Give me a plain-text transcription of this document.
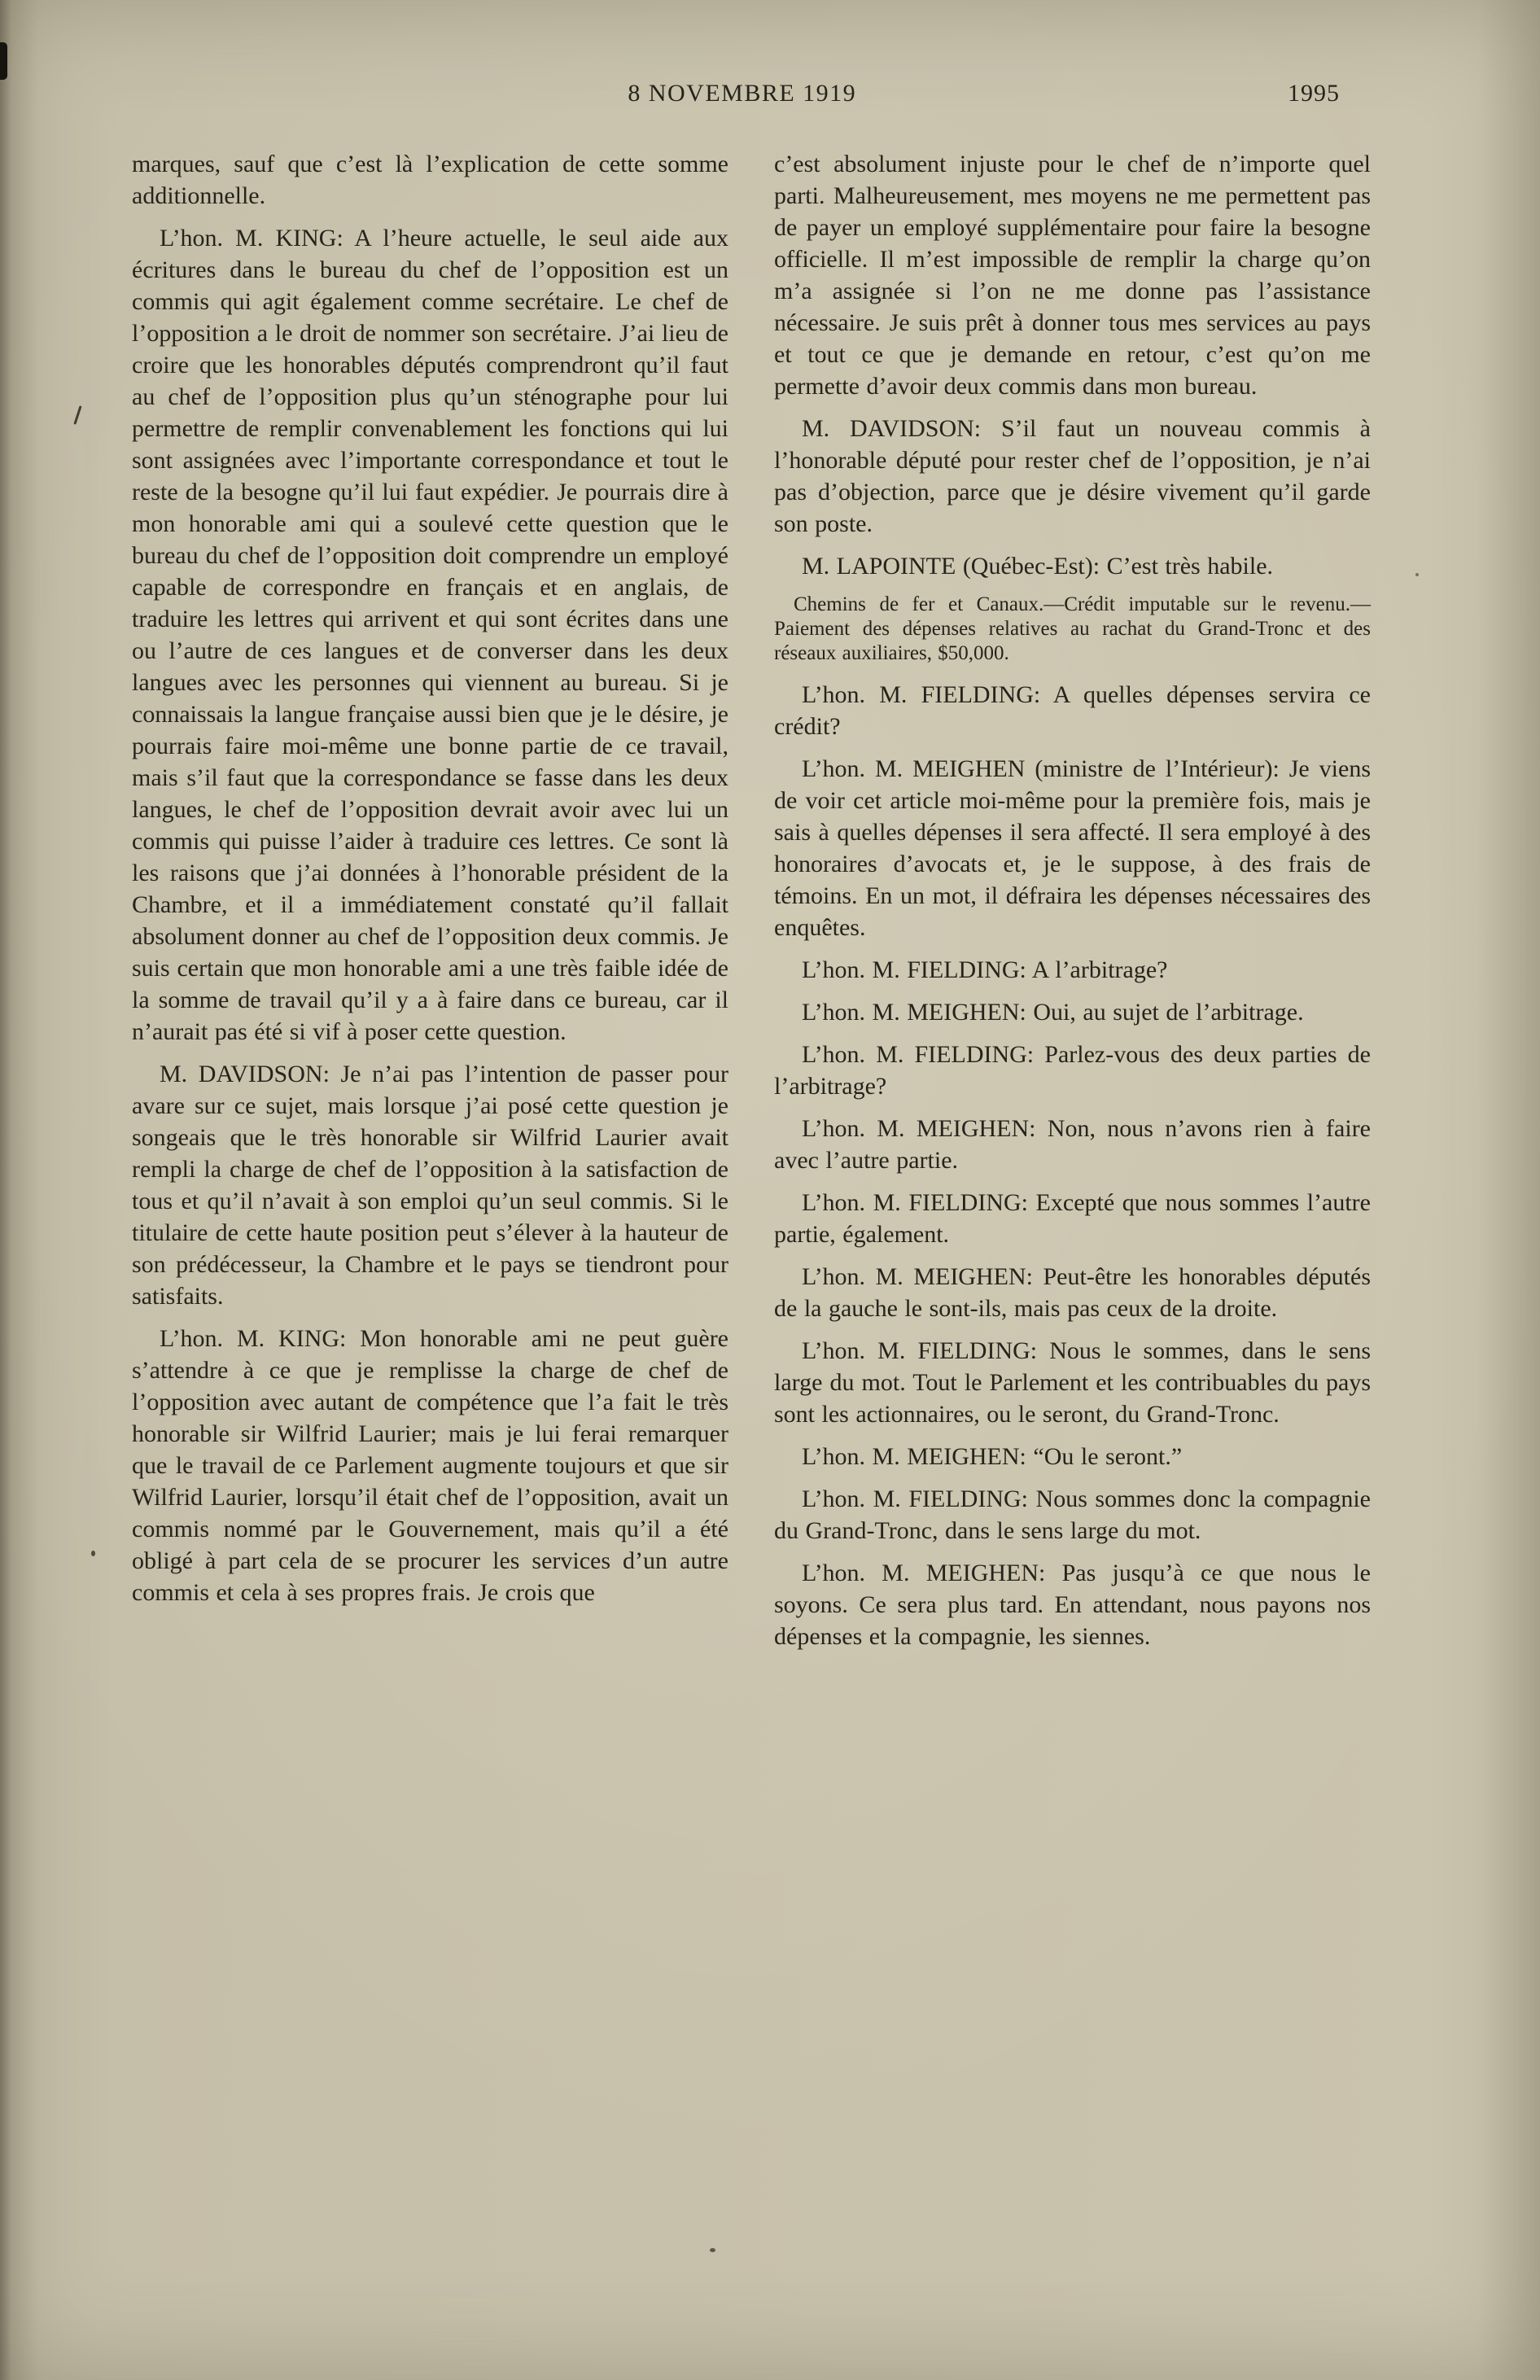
8 NOVEMBRE 1919	1995

marques, sauf que c’est là l’explication de cette somme additionnelle.

L’hon. M. KING: A l’heure actuelle, le seul aide aux écritures dans le bureau du chef de l’opposition est un commis qui agit également comme secrétaire. Le chef de l’opposition a le droit de nommer son secrétaire. J’ai lieu de croire que les honorables députés comprendront qu’il faut au chef de l’opposition plus qu’un sténographe pour lui permettre de remplir convenablement les fonctions qui lui sont assignées avec l’importante correspondance et tout le reste de la besogne qu’il lui faut expédier. Je pourrais dire à mon honorable ami qui a soulevé cette question que le bureau du chef de l’opposition doit comprendre un employé capable de correspondre en français et en anglais, de traduire les lettres qui arrivent et qui sont écrites dans une ou l’autre de ces langues et de converser dans les deux langues avec les personnes qui viennent au bureau. Si je connaissais la langue française aussi bien que je le désire, je pourrais faire moi-même une bonne partie de ce travail, mais s’il faut que la correspondance se fasse dans les deux langues, le chef de l’opposition devrait avoir avec lui un commis qui puisse l’aider à traduire ces lettres. Ce sont là les raisons que j’ai données à l’honorable président de la Chambre, et il a immédiatement constaté qu’il fallait absolument donner au chef de l’opposition deux commis. Je suis certain que mon honorable ami a une très faible idée de la somme de travail qu’il y a à faire dans ce bureau, car il n’aurait pas été si vif à poser cette question.

M. DAVIDSON: Je n’ai pas l’intention de passer pour avare sur ce sujet, mais lorsque j’ai posé cette question je songeais que le très honorable sir Wilfrid Laurier avait rempli la charge de chef de l’opposition à la satisfaction de tous et qu’il n’avait à son emploi qu’un seul commis. Si le titulaire de cette haute position peut s’élever à la hauteur de son prédécesseur, la Chambre et le pays se tiendront pour satisfaits.

L’hon. M. KING: Mon honorable ami ne peut guère s’attendre à ce que je remplisse la charge de chef de l’opposition avec autant de compétence que l’a fait le très honorable sir Wilfrid Laurier; mais je lui ferai remarquer que le travail de ce Parlement augmente toujours et que sir Wilfrid Laurier, lorsqu’il était chef de l’opposition, avait un commis nommé par le Gouvernement, mais qu’il a été obligé à part cela de se procurer les services d’un autre commis et cela à ses propres frais. Je crois que

c’est absolument injuste pour le chef de n’importe quel parti. Malheureusement, mes moyens ne me permettent pas de payer un employé supplémentaire pour faire la besogne officielle. Il m’est impossible de remplir la charge qu’on m’a assignée si l’on ne me donne pas l’assistance nécessaire. Je suis prêt à donner tous mes services au pays et tout ce que je demande en retour, c’est qu’on me permette d’avoir deux commis dans mon bureau.

M. DAVIDSON: S’il faut un nouveau commis à l’honorable député pour rester chef de l’opposition, je n’ai pas d’objection, parce que je désire vivement qu’il garde son poste.

M. LAPOINTE (Québec-Est): C’est très habile.

Chemins de fer et Canaux.—Crédit imputable sur le revenu.—Paiement des dépenses relatives au rachat du Grand-Tronc et des réseaux auxiliaires, $50,000.

L’hon. M. FIELDING: A quelles dépenses servira ce crédit?

L’hon. M. MEIGHEN (ministre de l’Intérieur): Je viens de voir cet article moi-même pour la première fois, mais je sais à quelles dépenses il sera affecté. Il sera employé à des honoraires d’avocats et, je le suppose, à des frais de témoins. En un mot, il défraira les dépenses nécessaires des enquêtes.

L’hon. M. FIELDING: A l’arbitrage?

L’hon. M. MEIGHEN: Oui, au sujet de l’arbitrage.

L’hon. M. FIELDING: Parlez-vous des deux parties de l’arbitrage?

L’hon. M. MEIGHEN: Non, nous n’avons rien à faire avec l’autre partie.

L’hon. M. FIELDING: Excepté que nous sommes l’autre partie, également.

L’hon. M. MEIGHEN: Peut-être les honorables députés de la gauche le sont-ils, mais pas ceux de la droite.

L’hon. M. FIELDING: Nous le sommes, dans le sens large du mot. Tout le Parlement et les contribuables du pays sont les actionnaires, ou le seront, du Grand-Tronc.

L’hon. M. MEIGHEN: “Ou le seront.”

L’hon. M. FIELDING: Nous sommes donc la compagnie du Grand-Tronc, dans le sens large du mot.

L’hon. M. MEIGHEN: Pas jusqu’à ce que nous le soyons. Ce sera plus tard. En attendant, nous payons nos dépenses et la compagnie, les siennes.
